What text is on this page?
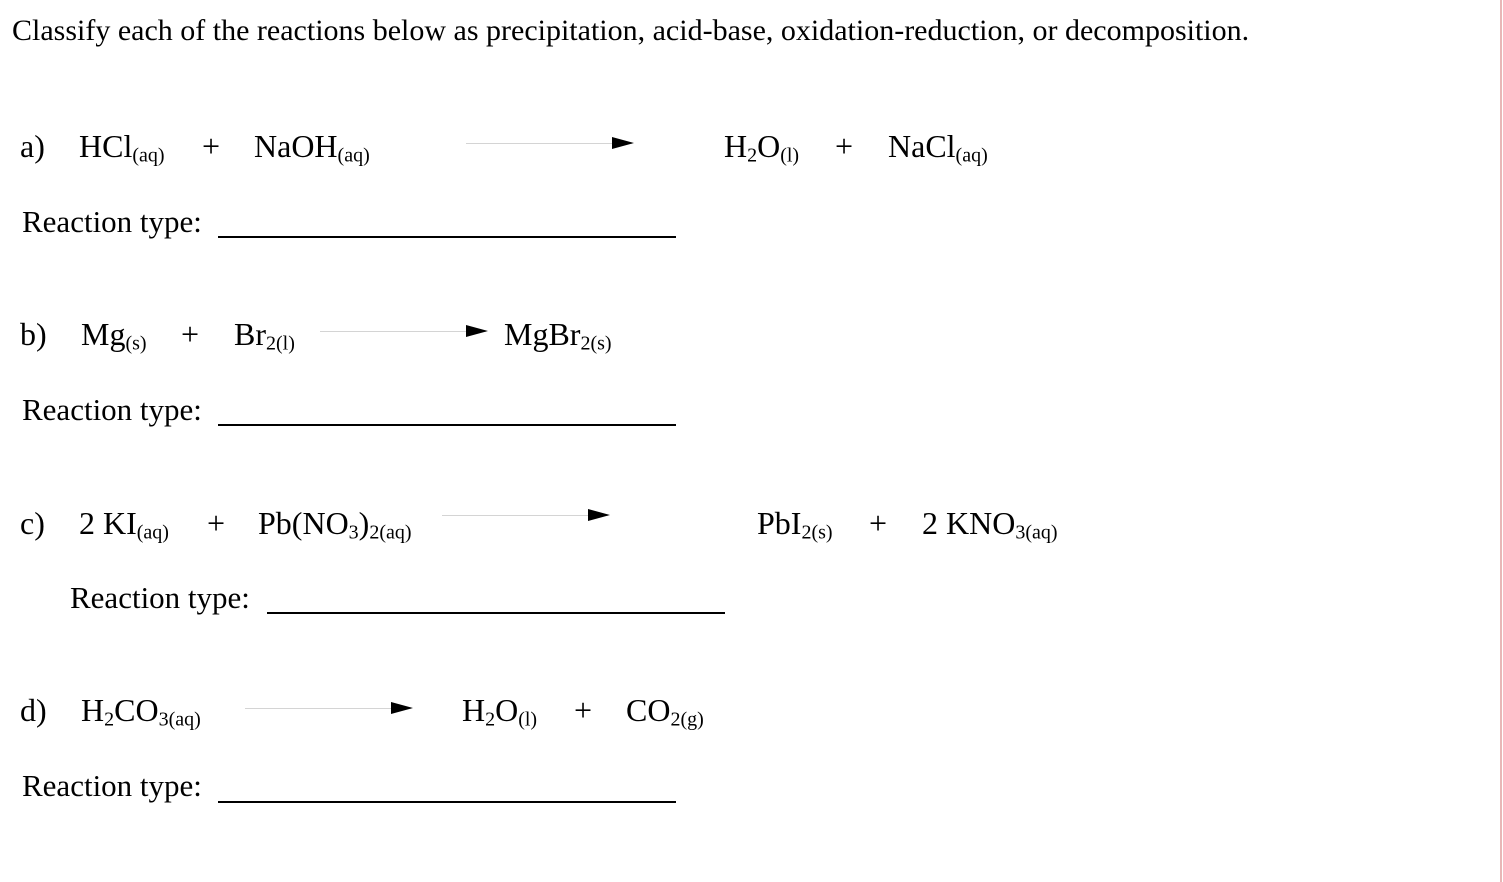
Classify each of the reactions below as precipitation, acid-base, oxidation-reduction, or decomposition.
a) HCl(aq) + NaOH(aq)	$H_2O(l)$ + NaCl(aq)
Reaction type:
b) Mg(s) + Br2(l)	MgBr2(s)
Reaction type:
c) 2 $KI(aq) + Pb(NO_3)2(aq)$	PbI2(s) + 2 KNO3(aq)
Reaction type:
d) $H_2CO3(aq)$	$H_2O(l) + CO2(g)$
Reaction type:
